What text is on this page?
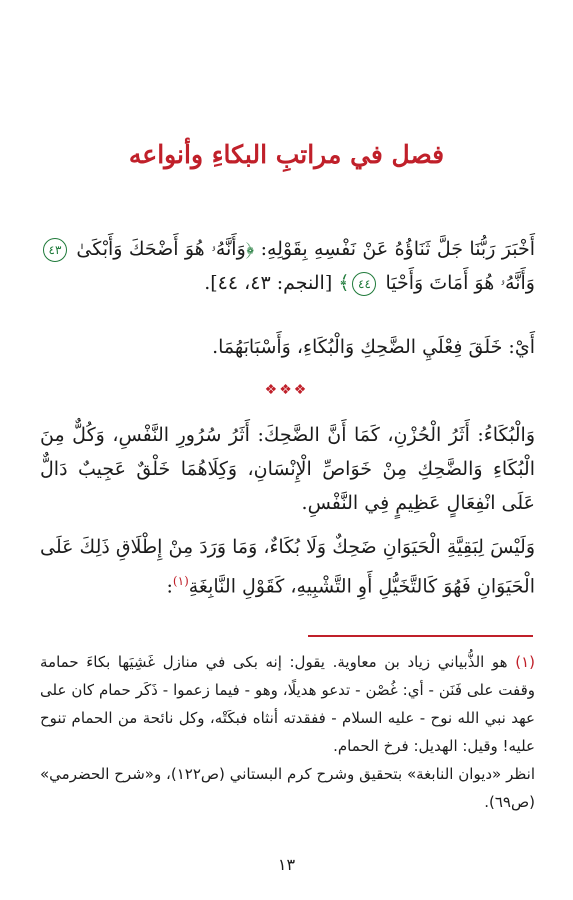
فصل في مراتبِ البكاءِ وأنواعه
أَخْبَرَ رَبُّنَا جَلَّ ثَنَاؤُهُ عَنْ نَفْسِهِ بِقَوْلِهِ: ﴿وَأَنَّهُۥ هُوَ أَضْحَكَ وَأَبْكَىٰ ٤٣ وَأَنَّهُۥ هُوَ أَمَاتَ وَأَحْيَا ٤٤﴾ [النجم: ٤٣، ٤٤].
أَيْ: خَلَقَ فِعْلَيِ الضَّحِكِ وَالْبُكَاءِ، وَأَسْبَابَهُمَا.
❖❖❖
وَالْبُكَاءُ: أَثَرُ الْحُزْنِ، كَمَا أَنَّ الضَّحِكَ: أَثَرُ سُرُورِ النَّفْسِ، وَكُلٌّ مِنَ الْبُكَاءِ وَالضَّحِكِ مِنْ خَوَاصِّ الْإِنْسَانِ، وَكِلَاهُمَا خَلْقٌ عَجِيبٌ دَالٌّ عَلَى انْفِعَالٍ عَظِيمٍ فِي النَّفْسِ.
وَلَيْسَ لِبَقِيَّةِ الْحَيَوَانِ ضَحِكٌ وَلَا بُكَاءٌ، وَمَا وَرَدَ مِنْ إِطْلَاقِ ذَلِكَ عَلَى الْحَيَوَانِ فَهُوَ كَالتَّخَيُّلِ أَوِ التَّشْبِيهِ، كَقَوْلِ النَّابِغَةِ$^{(١)}$:
(١) هو الذُّبياني زياد بن معاوية. يقول: إنه بكى في منازل غَشِيَها بكاءَ حمامة وقفت على فَنَن - أي: غُصْن - تدعو هديلًا، وهو - فيما زعموا - ذَكَر حمام كان على عهد نبي الله نوح - عليه السلام - ففقدته أنثاه فبكَتْه، وكل نائحة من الحمام تنوح عليه! وقيل: الهديل: فرخ الحمام.
انظر «ديوان النابغة» بتحقيق وشرح كرم البستاني (ص١٢٢)، و«شرح الحضرمي» (ص٦٩).
١٣
